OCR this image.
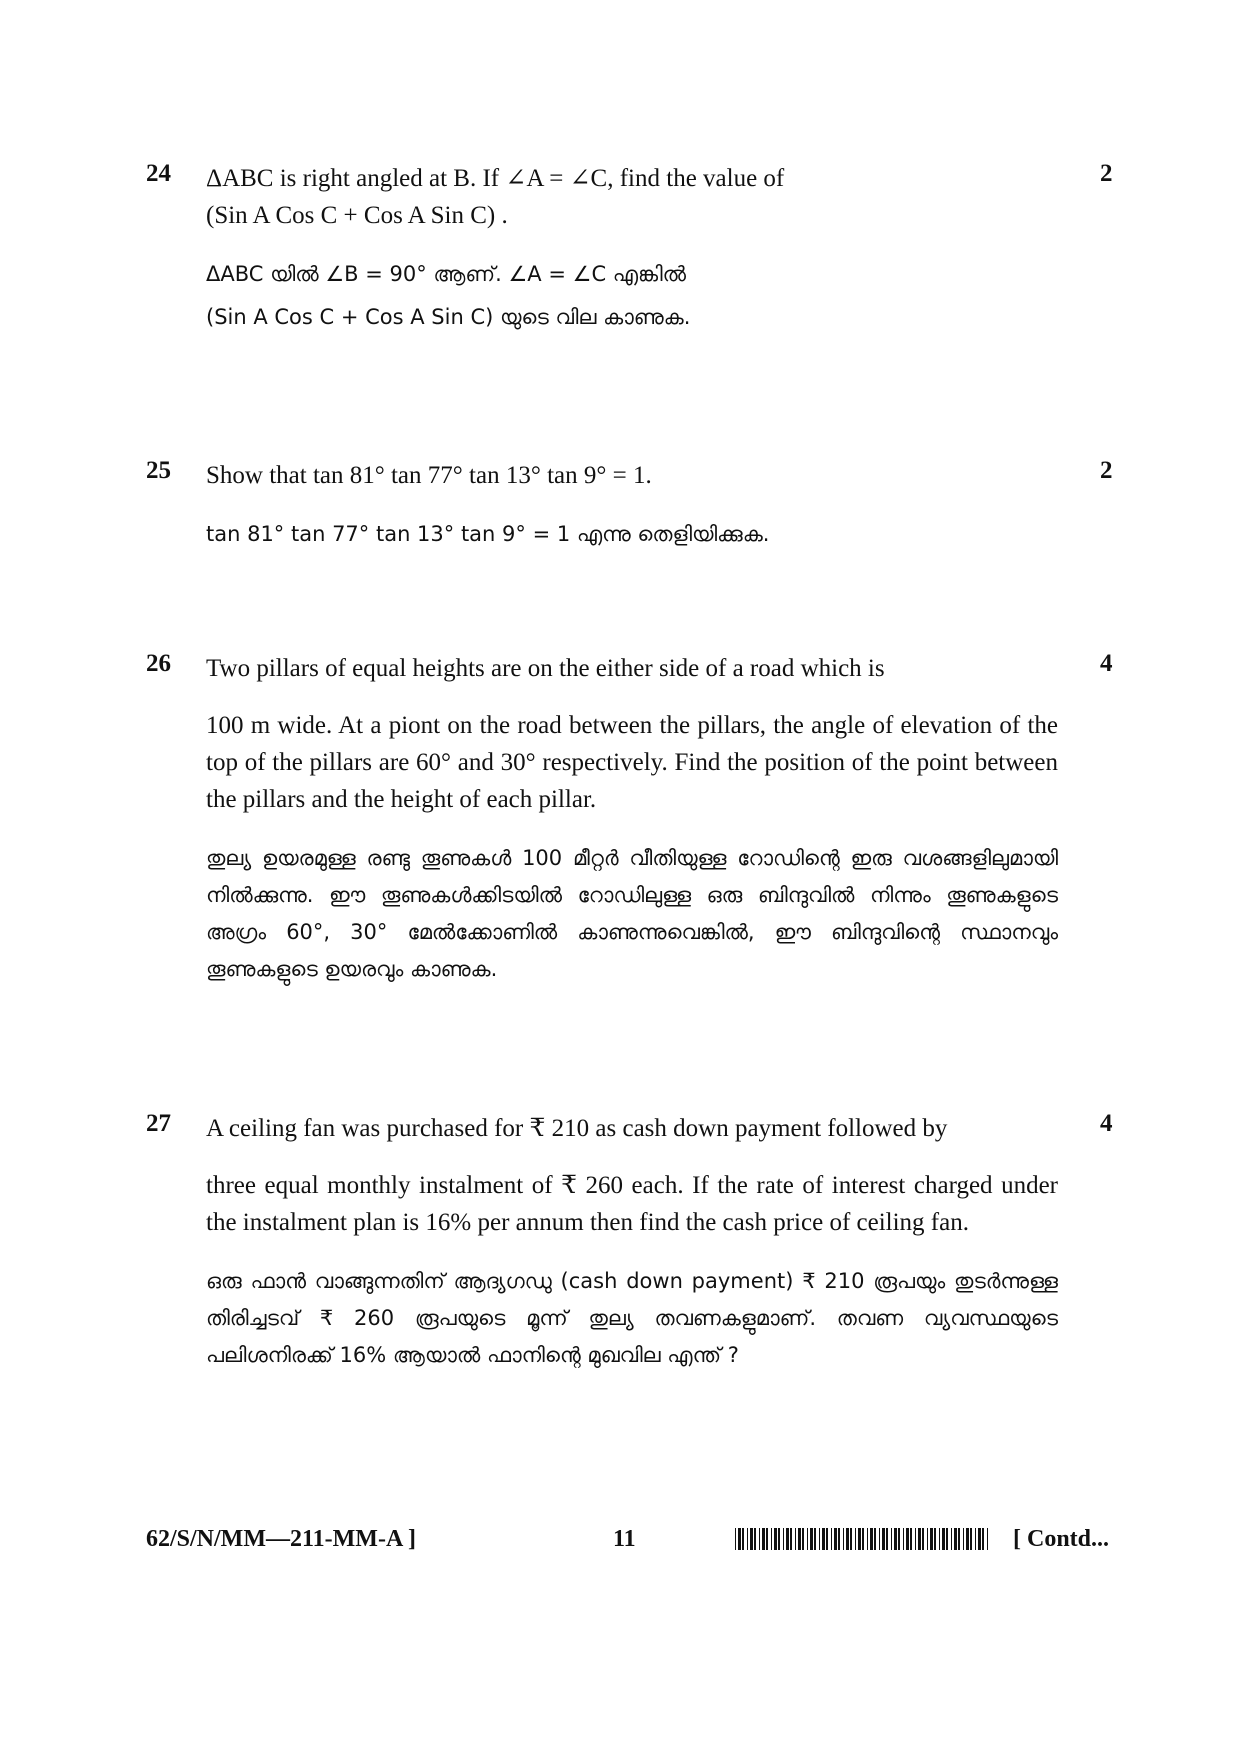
24	2

ΔABC is right angled at B. If ∠A = ∠C, find the value of

(Sin A Cos C + Cos A Sin C) .

ΔABC യിൽ ∠B = 90° ആണ്. ∠A = ∠C എങ്കിൽ

(Sin A Cos C + Cos A Sin C) യുടെ വില കാണുക.

25	2

Show that tan 81° tan 77° tan 13° tan 9° = 1.

tan 81° tan 77° tan 13° tan 9° = 1 എന്നു തെളിയിക്കുക.

26	4

Two pillars of equal heights are on the either side of a road which is

100 m wide. At a piont on the road between the pillars, the angle of elevation of the top of the pillars are 60° and 30° respectively. Find the position of the point between the pillars and the height of each pillar.

തുല്യ ഉയരമുള്ള രണ്ടു തൂണുകൾ 100 മീറ്റർ വീതിയുള്ള റോഡിന്റെ ഇരു വശങ്ങളിലുമായി നിൽക്കുന്നു. ഈ തൂണുകൾക്കിടയിൽ റോഡിലുള്ള ഒരു ബിന്ദുവിൽ നിന്നും തൂണുകളുടെ അഗ്രം 60°, 30° മേൽക്കോണിൽ കാണുന്നുവെങ്കിൽ, ഈ ബിന്ദുവിന്റെ സ്ഥാനവും തൂണുകളുടെ ഉയരവും കാണുക.

27	4

A ceiling fan was purchased for ₹ 210 as cash down payment followed by

three equal monthly instalment of ₹ 260 each. If the rate of interest charged under the instalment plan is 16% per annum then find the cash price of ceiling fan.

ഒരു ഫാൻ വാങ്ങുന്നതിന് ആദ്യഗഡു (cash down payment) ₹ 210 രൂപയും തുടർന്നുള്ള തിരിച്ചടവ് ₹ 260 രൂപയുടെ മൂന്ന് തുല്യ തവണകളുമാണ്. തവണ വ്യവസ്ഥയുടെ പലിശനിരക്ക് 16% ആയാൽ ഫാനിന്റെ മുഖവില എന്ത് ?

62/S/N/MM—211-MM-A ]	11	[ Contd...
